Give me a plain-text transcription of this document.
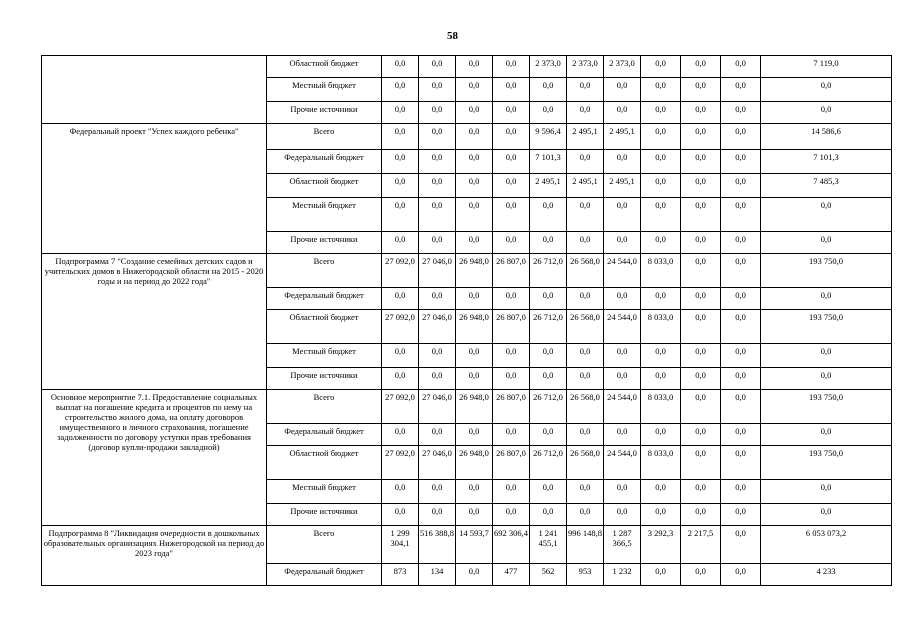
58
	Областной бюджет	0,0	0,0	0,0	0,0	2 373,0	2 373,0	2 373,0	0,0	0,0	0,0	7 119,0
	Местный бюджет	0,0	0,0	0,0	0,0	0,0	0,0	0,0	0,0	0,0	0,0	0,0
	Прочие источники	0,0	0,0	0,0	0,0	0,0	0,0	0,0	0,0	0,0	0,0	0,0
Федеральный проект "Успех каждого ребенка"	Всего	0,0	0,0	0,0	0,0	9 596,4	2 495,1	2 495,1	0,0	0,0	0,0	14 586,6
	Федеральный бюджет	0,0	0,0	0,0	0,0	7 101,3	0,0	0,0	0,0	0,0	0,0	7 101,3
	Областной бюджет	0,0	0,0	0,0	0,0	2 495,1	2 495,1	2 495,1	0,0	0,0	0,0	7 485,3
	Местный бюджет	0,0	0,0	0,0	0,0	0,0	0,0	0,0	0,0	0,0	0,0	0,0
	Прочие источники	0,0	0,0	0,0	0,0	0,0	0,0	0,0	0,0	0,0	0,0	0,0
Подпрограмма 7 "Создание семейных детских садов и учительских домов в Нижегородской области на 2015 - 2020 годы и на период до 2022 года"	Всего	27 092,0	27 046,0	26 948,0	26 807,0	26 712,0	26 568,0	24 544,0	8 033,0	0,0	0,0	193 750,0
	Федеральный бюджет	0,0	0,0	0,0	0,0	0,0	0,0	0,0	0,0	0,0	0,0	0,0
	Областной бюджет	27 092,0	27 046,0	26 948,0	26 807,0	26 712,0	26 568,0	24 544,0	8 033,0	0,0	0,0	193 750,0
	Местный бюджет	0,0	0,0	0,0	0,0	0,0	0,0	0,0	0,0	0,0	0,0	0,0
	Прочие источники	0,0	0,0	0,0	0,0	0,0	0,0	0,0	0,0	0,0	0,0	0,0
Основное мероприятие 7.1. Предоставление социальных выплат на погашение кредита и процентов по нему на строительство жилого дома, на оплату договоров имущественного и личного страхования, погашение задолженности по договору уступки прав требования (договор купли-продажи закладной)	Всего	27 092,0	27 046,0	26 948,0	26 807,0	26 712,0	26 568,0	24 544,0	8 033,0	0,0	0,0	193 750,0
	Федеральный бюджет	0,0	0,0	0,0	0,0	0,0	0,0	0,0	0,0	0,0	0,0	0,0
	Областной бюджет	27 092,0	27 046,0	26 948,0	26 807,0	26 712,0	26 568,0	24 544,0	8 033,0	0,0	0,0	193 750,0
	Местный бюджет	0,0	0,0	0,0	0,0	0,0	0,0	0,0	0,0	0,0	0,0	0,0
	Прочие источники	0,0	0,0	0,0	0,0	0,0	0,0	0,0	0,0	0,0	0,0	0,0
Подпрограмма 8 "Ликвидация очередности в дошкольных образовательных организациях Нижегородской на период до 2023 года"	Всего	1 299 304,1	516 388,8	14 593,7	692 306,4	1 241 455,1	996 148,8	1 287 366,5	3 292,3	2 217,5	0,0	6 053 073,2
	Федеральный бюджет	873	134	0,0	477	562	953	1 232	0,0	0,0	0,0	4 233
